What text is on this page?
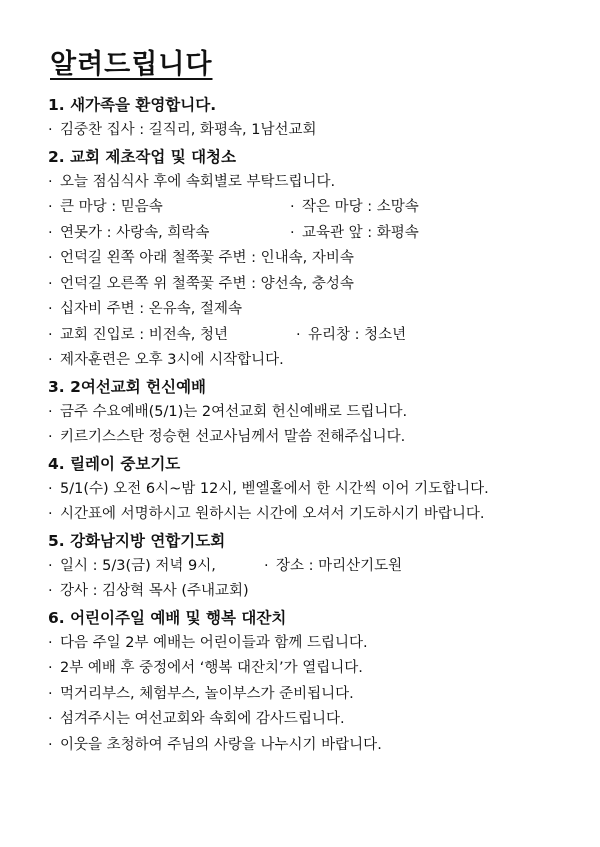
알려드립니다
1. 새가족을 환영합니다.
· 김중찬 집사 : 길직리, 화평속, 1남선교회
2. 교회 제초작업 및 대청소
· 오늘 점심식사 후에 속회별로 부탁드립니다.
· 큰 마당 : 믿음속	· 작은 마당 : 소망속
· 연못가 : 사랑속, 희락속	· 교육관 앞 : 화평속
· 언덕길 왼쪽 아래 철쭉꽃 주변 : 인내속, 자비속
· 언덕길 오른쪽 위 철쭉꽃 주변 : 양선속, 충성속
· 십자비 주변 : 온유속, 절제속
· 교회 진입로 : 비전속, 청년	· 유리창 : 청소년
· 제자훈련은 오후 3시에 시작합니다.
3. 2여선교회 헌신예배
· 금주 수요예배(5/1)는 2여선교회 헌신예배로 드립니다.
· 키르기스스탄 정승현 선교사님께서 말씀 전해주십니다.
4. 릴레이 중보기도
· 5/1(수) 오전 6시~밤 12시, 벧엘홀에서 한 시간씩 이어 기도합니다.
· 시간표에 서명하시고 원하시는 시간에 오셔서 기도하시기 바랍니다.
5. 강화남지방 연합기도회
· 일시 : 5/3(금) 저녁 9시,	· 장소 : 마리산기도원
· 강사 : 김상혁 목사 (주내교회)
6. 어린이주일 예배 및 행복 대잔치
· 다음 주일 2부 예배는 어린이들과 함께 드립니다.
· 2부 예배 후 중정에서 ‘행복 대잔치’가 열립니다.
· 먹거리부스, 체험부스, 놀이부스가 준비됩니다.
· 섬겨주시는 여선교회와 속회에 감사드립니다.
· 이웃을 초청하여 주님의 사랑을 나누시기 바랍니다.
